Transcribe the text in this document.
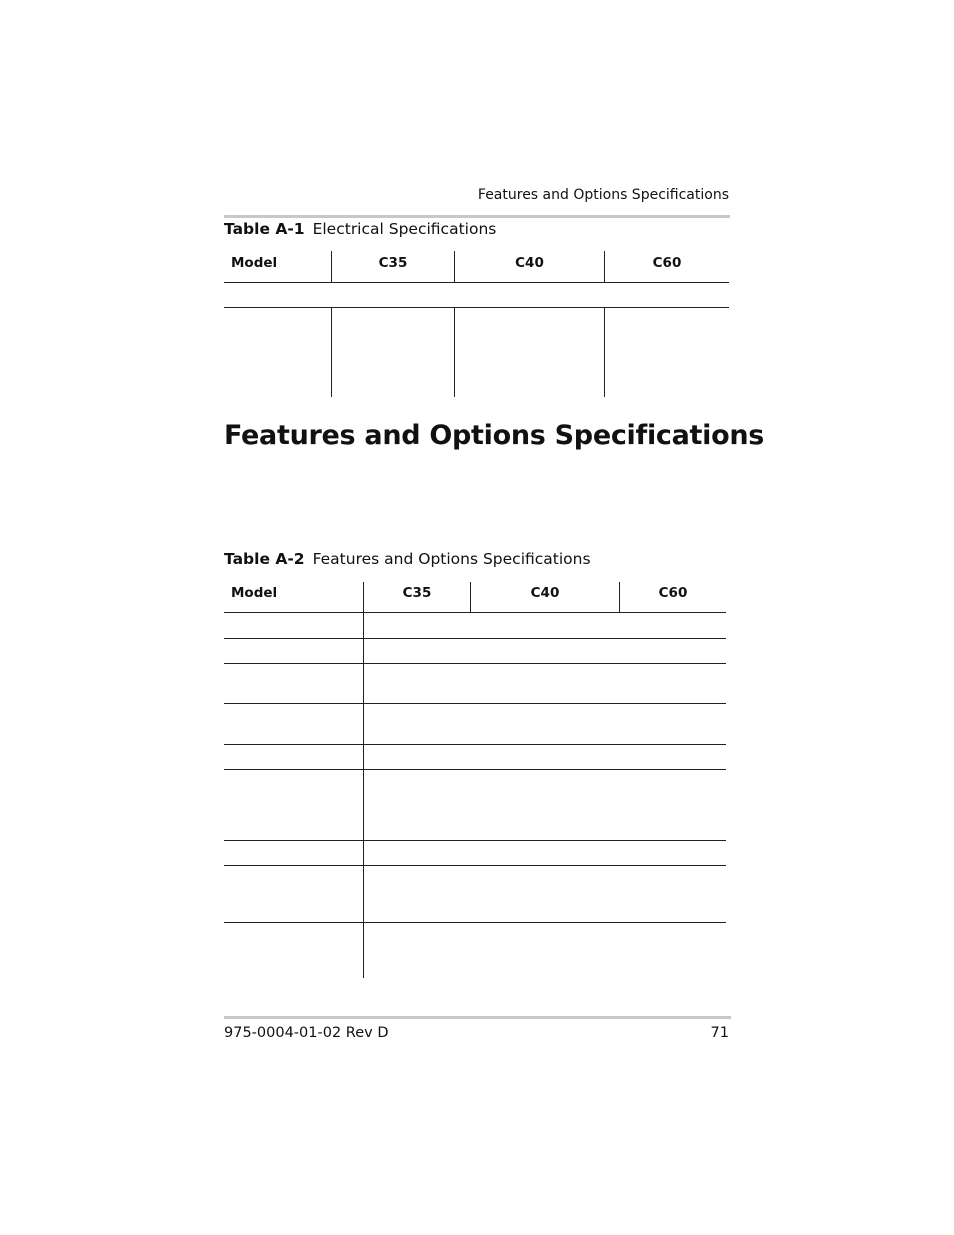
Features and Options Specifications
Table A-1 Electrical Specifications
Model	C35	C40	C60
Features and Options Specifications
Table A-2 Features and Options Specifications
Model	C35	C40	C60
975-0004-01-02 Rev D	71
